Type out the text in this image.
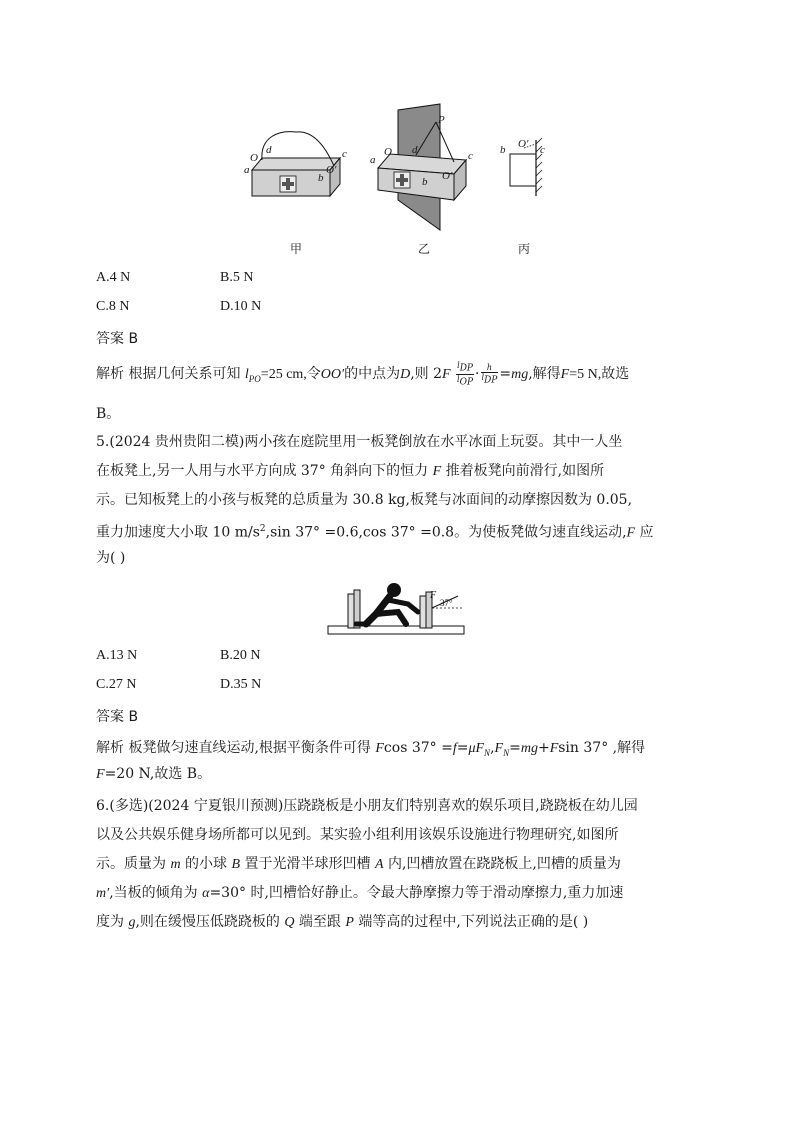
O
d
a
b
c
O′
P
O d
a
b
c
O′
b O′ c
甲	乙	丙
A.4 N	B.5 N
C.8 N	D.10 N
答案 B
解析 根据几何关系可知 $l_{PO}=25$ cm,令OO′的中点为D,则 $2F \frac{l_{DP}}{l_{OP}} \cdot \frac{h}{l_{DP}} =mg$,解得F=5 N,故选
B。
5.(2024 贵州贵阳二模)两小孩在庭院里用一板凳倒放在水平冰面上玩耍。其中一人坐
在板凳上,另一人用与水平方向成 37° 角斜向下的恒力 F 推着板凳向前滑行,如图所
示。已知板凳上的小孩与板凳的总质量为 30.8 kg,板凳与冰面间的动摩擦因数为 0.05,
重力加速度大小取 10 $m/s^2,\sin$ 37° =0.6,cos 37° =0.8。为使板凳做匀速直线运动,F 应
为( )
F
37°
A.13 N	B.20 N
C.27 N	D.35 N
答案 B
解析 板凳做匀速直线运动,根据平衡条件可得 Fcos $37^\circ =f=\mu F_N,F_N=mg+Fsin$ 37° ,解得
F=20 N,故选 B。
6.(多选)(2024 宁夏银川预测)压跷跷板是小朋友们特别喜欢的娱乐项目,跷跷板在幼儿园
以及公共娱乐健身场所都可以见到。某实验小组利用该娱乐设施进行物理研究,如图所
示。质量为 m 的小球 B 置于光滑半球形凹槽 A 内,凹槽放置在跷跷板上,凹槽的质量为
m′,当板的倾角为 α=30° 时,凹槽恰好静止。令最大静摩擦力等于滑动摩擦力,重力加速
度为 g,则在缓慢压低跷跷板的 Q 端至跟 P 端等高的过程中,下列说法正确的是( )
